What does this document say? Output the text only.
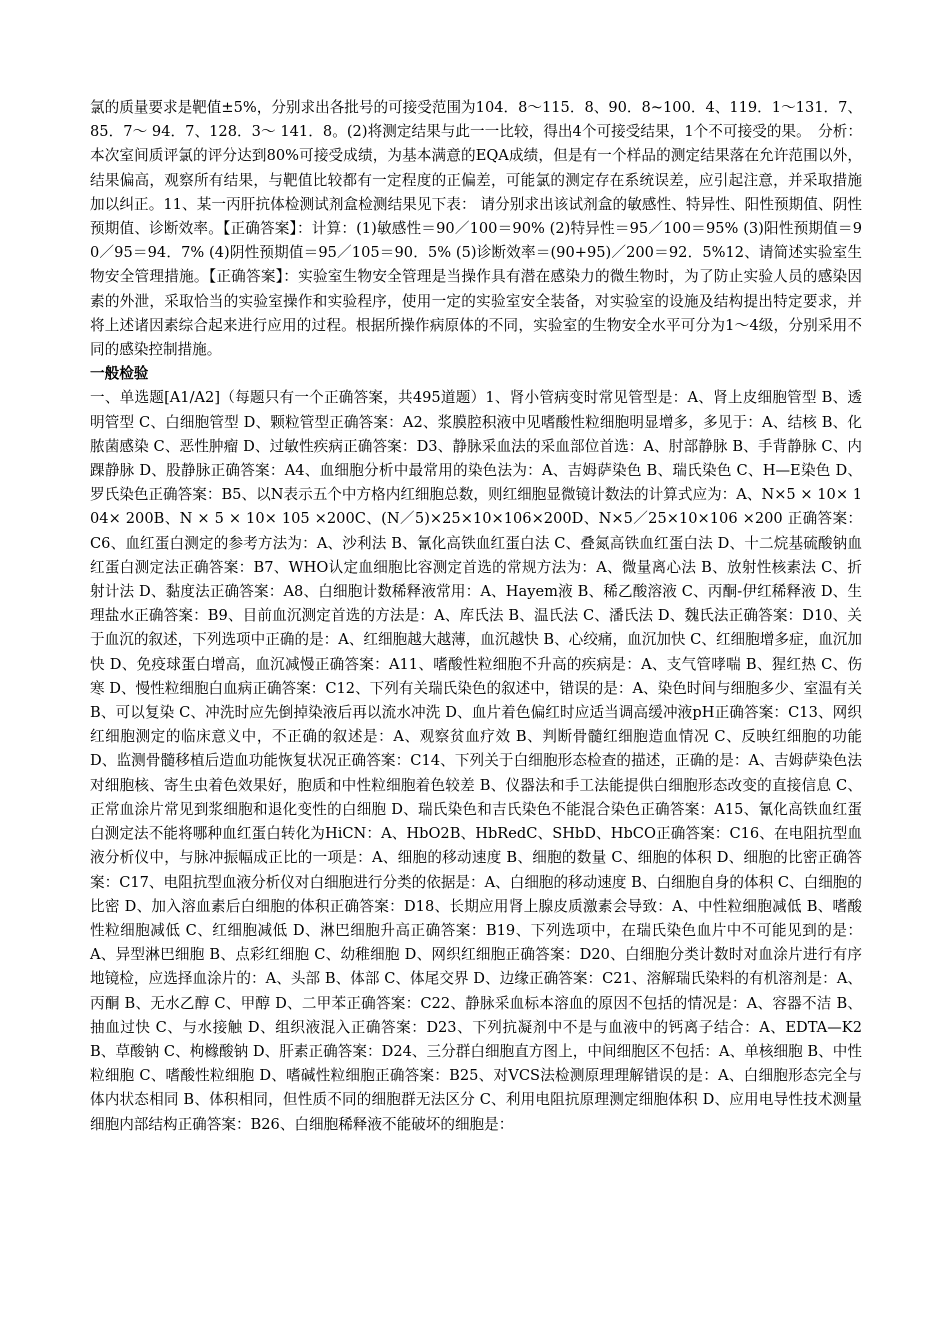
氯的质量要求是靶值±5%，分别求出各批号的可接受范围为104．8～115．8、90．8~100．4、119．1～131．7、85．7～ 94．7、128．3～ 141．8。(2)将测定结果与此一一比较，得出4个可接受结果，1个不可接受的果。　分析：本次室间质评氯的评分达到80%可接受成绩，为基本满意的EQA成绩，但是有一个样品的测定结果落在允许范围以外，结果偏高，观察所有结果，与靶值比较都有一定程度的正偏差，可能氯的测定存在系统误差，应引起注意，并采取措施加以纠正。11、某一丙肝抗体检测试剂盒检测结果见下表： 请分别求出该试剂盒的敏感性、特异性、阳性预期值、阴性预期值、诊断效率。【正确答案】：计算：(1)敏感性＝90／100＝90% (2)特异性＝95／100＝95% (3)阳性预期值＝90／95＝94．7% (4)阴性预期值＝95／105＝90．5% (5)诊断效率＝(90+95)／200＝92．5%12、请简述实验室生物安全管理措施。【正确答案】：实验室生物安全管理是当操作具有潜在感染力的微生物时，为了防止实验人员的感染因素的外泄，采取恰当的实验室操作和实验程序，使用一定的实验室安全装备，对实验室的设施及结构提出特定要求，并将上述诸因素综合起来进行应用的过程。根据所操作病原体的不同，实验室的生物安全水平可分为1～4级，分别采用不同的感染控制措施。

一般检验

一、单选题[A1/A2]（每题只有一个正确答案，共495道题）1、肾小管病变时常见管型是：A、肾上皮细胞管型 B、透明管型 C、白细胞管型 D、颗粒管型正确答案：A2、浆膜腔积液中见嗜酸性粒细胞明显增多，多见于：A、结核 B、化脓菌感染 C、恶性肿瘤 D、过敏性疾病正确答案：D3、静脉采血法的采血部位首选：A、肘部静脉 B、手背静脉 C、内踝静脉 D、股静脉正确答案：A4、血细胞分析中最常用的染色法为：A、吉姆萨染色 B、瑞氏染色 C、H—E染色 D、罗氏染色正确答案：B5、以N表示五个中方格内红细胞总数，则红细胞显微镜计数法的计算式应为：A、N×5 × 10× 104× 200B、N × 5 × 10× 105 ×200C、(N／5)×25×10×106×200D、N×5／25×10×106 ×200 正确答案：C6、血红蛋白测定的参考方法为：A、沙利法 B、氰化高铁血红蛋白法 C、叠氮高铁血红蛋白法 D、十二烷基硫酸钠血红蛋白测定法正确答案：B7、WHO认定血细胞比容测定首选的常规方法为：A、微量离心法 B、放射性核素法 C、折射计法 D、黏度法正确答案：A8、白细胞计数稀释液常用：A、Hayem液 B、稀乙酸溶液 C、丙酮-伊红稀释液 D、生理盐水正确答案：B9、目前血沉测定首选的方法是：A、库氏法 B、温氏法 C、潘氏法 D、魏氏法正确答案：D10、关于血沉的叙述，下列选项中正确的是：A、红细胞越大越薄，血沉越快 B、心绞痛，血沉加快 C、红细胞增多症，血沉加快 D、免疫球蛋白增高，血沉减慢正确答案：A11、嗜酸性粒细胞不升高的疾病是：A、支气管哮喘 B、猩红热 C、伤寒 D、慢性粒细胞白血病正确答案：C12、下列有关瑞氏染色的叙述中，错误的是：A、染色时间与细胞多少、室温有关 B、可以复染 C、冲洗时应先倒掉染液后再以流水冲洗 D、血片着色偏红时应适当调高缓冲液pH正确答案：C13、网织红细胞测定的临床意义中，不正确的叙述是：A、观察贫血疗效 B、判断骨髓红细胞造血情况 C、反映红细胞的功能 D、监测骨髓移植后造血功能恢复状况正确答案：C14、下列关于白细胞形态检查的描述，正确的是：A、吉姆萨染色法对细胞核、寄生虫着色效果好，胞质和中性粒细胞着色较差 B、仪器法和手工法能提供白细胞形态改变的直接信息 C、正常血涂片常见到浆细胞和退化变性的白细胞 D、瑞氏染色和吉氏染色不能混合染色正确答案：A15、氰化高铁血红蛋白测定法不能将哪种血红蛋白转化为HiCN：A、HbO2B、HbRedC、SHbD、HbCO正确答案：C16、在电阻抗型血液分析仪中，与脉冲振幅成正比的一项是：A、细胞的移动速度 B、细胞的数量 C、细胞的体积 D、细胞的比密正确答案：C17、电阻抗型血液分析仪对白细胞进行分类的依据是：A、白细胞的移动速度 B、白细胞自身的体积 C、白细胞的比密 D、加入溶血素后白细胞的体积正确答案：D18、长期应用肾上腺皮质激素会导致：A、中性粒细胞减低 B、嗜酸性粒细胞减低 C、红细胞减低 D、淋巴细胞升高正确答案：B19、下列选项中，在瑞氏染色血片中不可能见到的是：A、异型淋巴细胞 B、点彩红细胞 C、幼稚细胞 D、网织红细胞正确答案：D20、白细胞分类计数时对血涂片进行有序地镜检，应选择血涂片的：A、头部 B、体部 C、体尾交界 D、边缘正确答案：C21、溶解瑞氏染料的有机溶剂是：A、丙酮 B、无水乙醇 C、甲醇 D、二甲苯正确答案：C22、静脉采血标本溶血的原因不包括的情况是：A、容器不洁 B、抽血过快 C、与水接触 D、组织液混入正确答案：D23、下列抗凝剂中不是与血液中的钙离子结合：A、EDTA—K2 B、草酸钠 C、枸橼酸钠 D、肝素正确答案：D24、三分群白细胞直方图上，中间细胞区不包括：A、单核细胞 B、中性粒细胞 C、嗜酸性粒细胞 D、嗜碱性粒细胞正确答案：B25、对VCS法检测原理理解错误的是：A、白细胞形态完全与体内状态相同 B、体积相同，但性质不同的细胞群无法区分 C、利用电阻抗原理测定细胞体积 D、应用电导性技术测量细胞内部结构正确答案：B26、白细胞稀释液不能破坏的细胞是：
